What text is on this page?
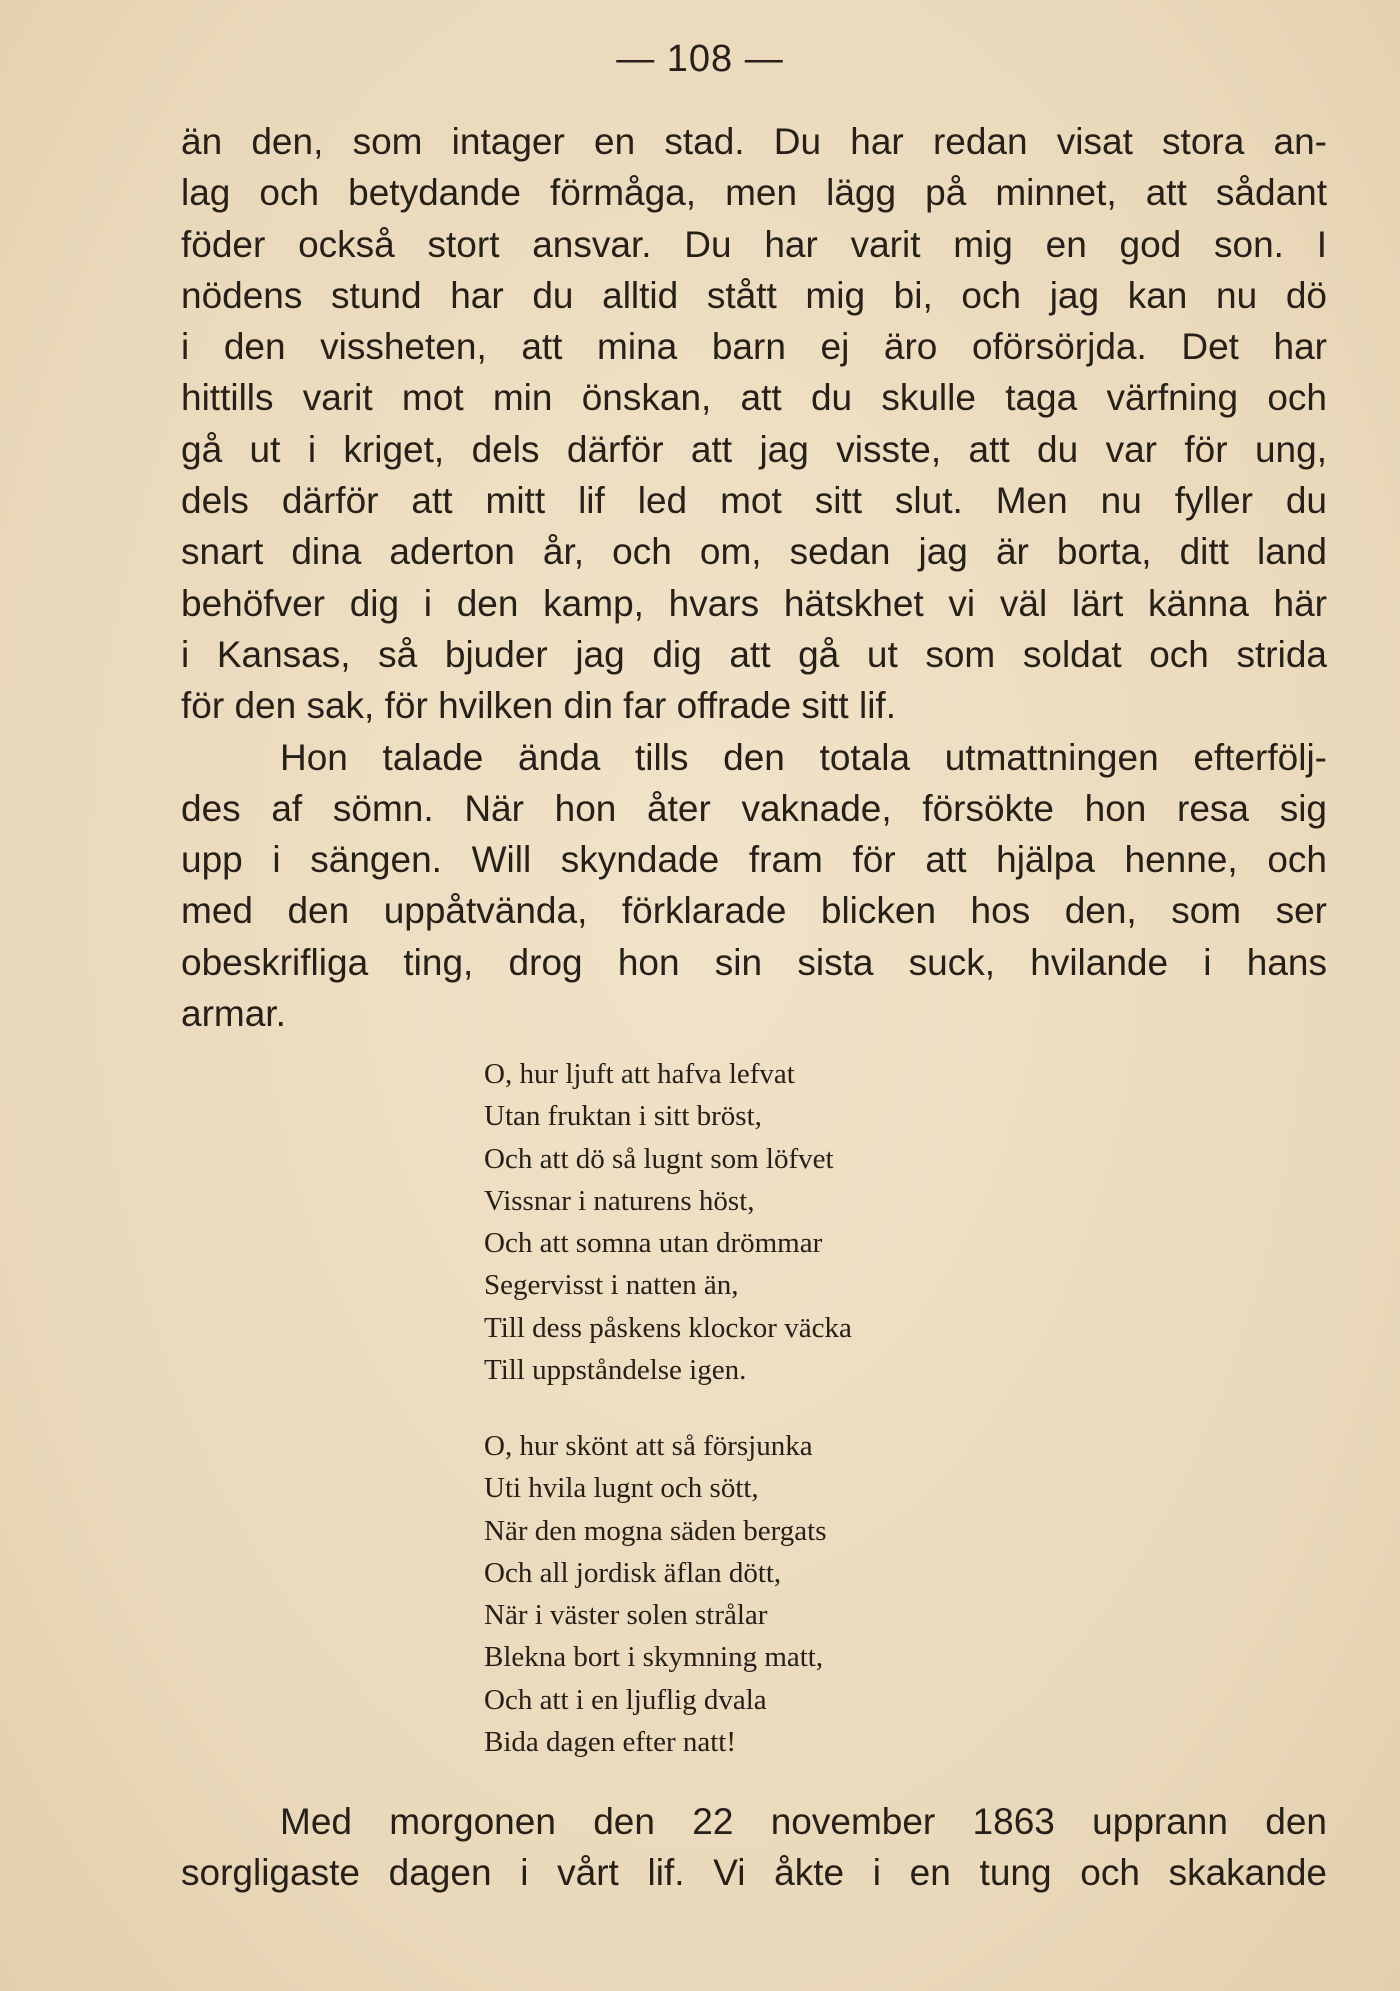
— 108 —
än den, som intager en stad. Du har redan visat stora an-
lag och betydande förmåga, men lägg på minnet, att sådant
föder också stort ansvar. Du har varit mig en god son. I
nödens stund har du alltid stått mig bi, och jag kan nu dö
i den vissheten, att mina barn ej äro oförsörjda. Det har
hittills varit mot min önskan, att du skulle taga värfning och
gå ut i kriget, dels därför att jag visste, att du var för ung,
dels därför att mitt lif led mot sitt slut. Men nu fyller du
snart dina aderton år, och om, sedan jag är borta, ditt land
behöfver dig i den kamp, hvars hätskhet vi väl lärt känna här
i Kansas, så bjuder jag dig att gå ut som soldat och strida
för den sak, för hvilken din far offrade sitt lif.
Hon talade ända tills den totala utmattningen efterfölj-
des af sömn. När hon åter vaknade, försökte hon resa sig
upp i sängen. Will skyndade fram för att hjälpa henne, och
med den uppåtvända, förklarade blicken hos den, som ser
obeskrifliga ting, drog hon sin sista suck, hvilande i hans
armar.
O, hur ljuft att hafva lefvat
Utan fruktan i sitt bröst,
Och att dö så lugnt som löfvet
Vissnar i naturens höst,
Och att somna utan drömmar
Segervisst i natten än,
Till dess påskens klockor väcka
Till uppståndelse igen.
O, hur skönt att så försjunka
Uti hvila lugnt och sött,
När den mogna säden bergats
Och all jordisk äflan dött,
När i väster solen strålar
Blekna bort i skymning matt,
Och att i en ljuflig dvala
Bida dagen efter natt!
Med morgonen den 22 november 1863 upprann den
sorgligaste dagen i vårt lif. Vi åkte i en tung och skakande
